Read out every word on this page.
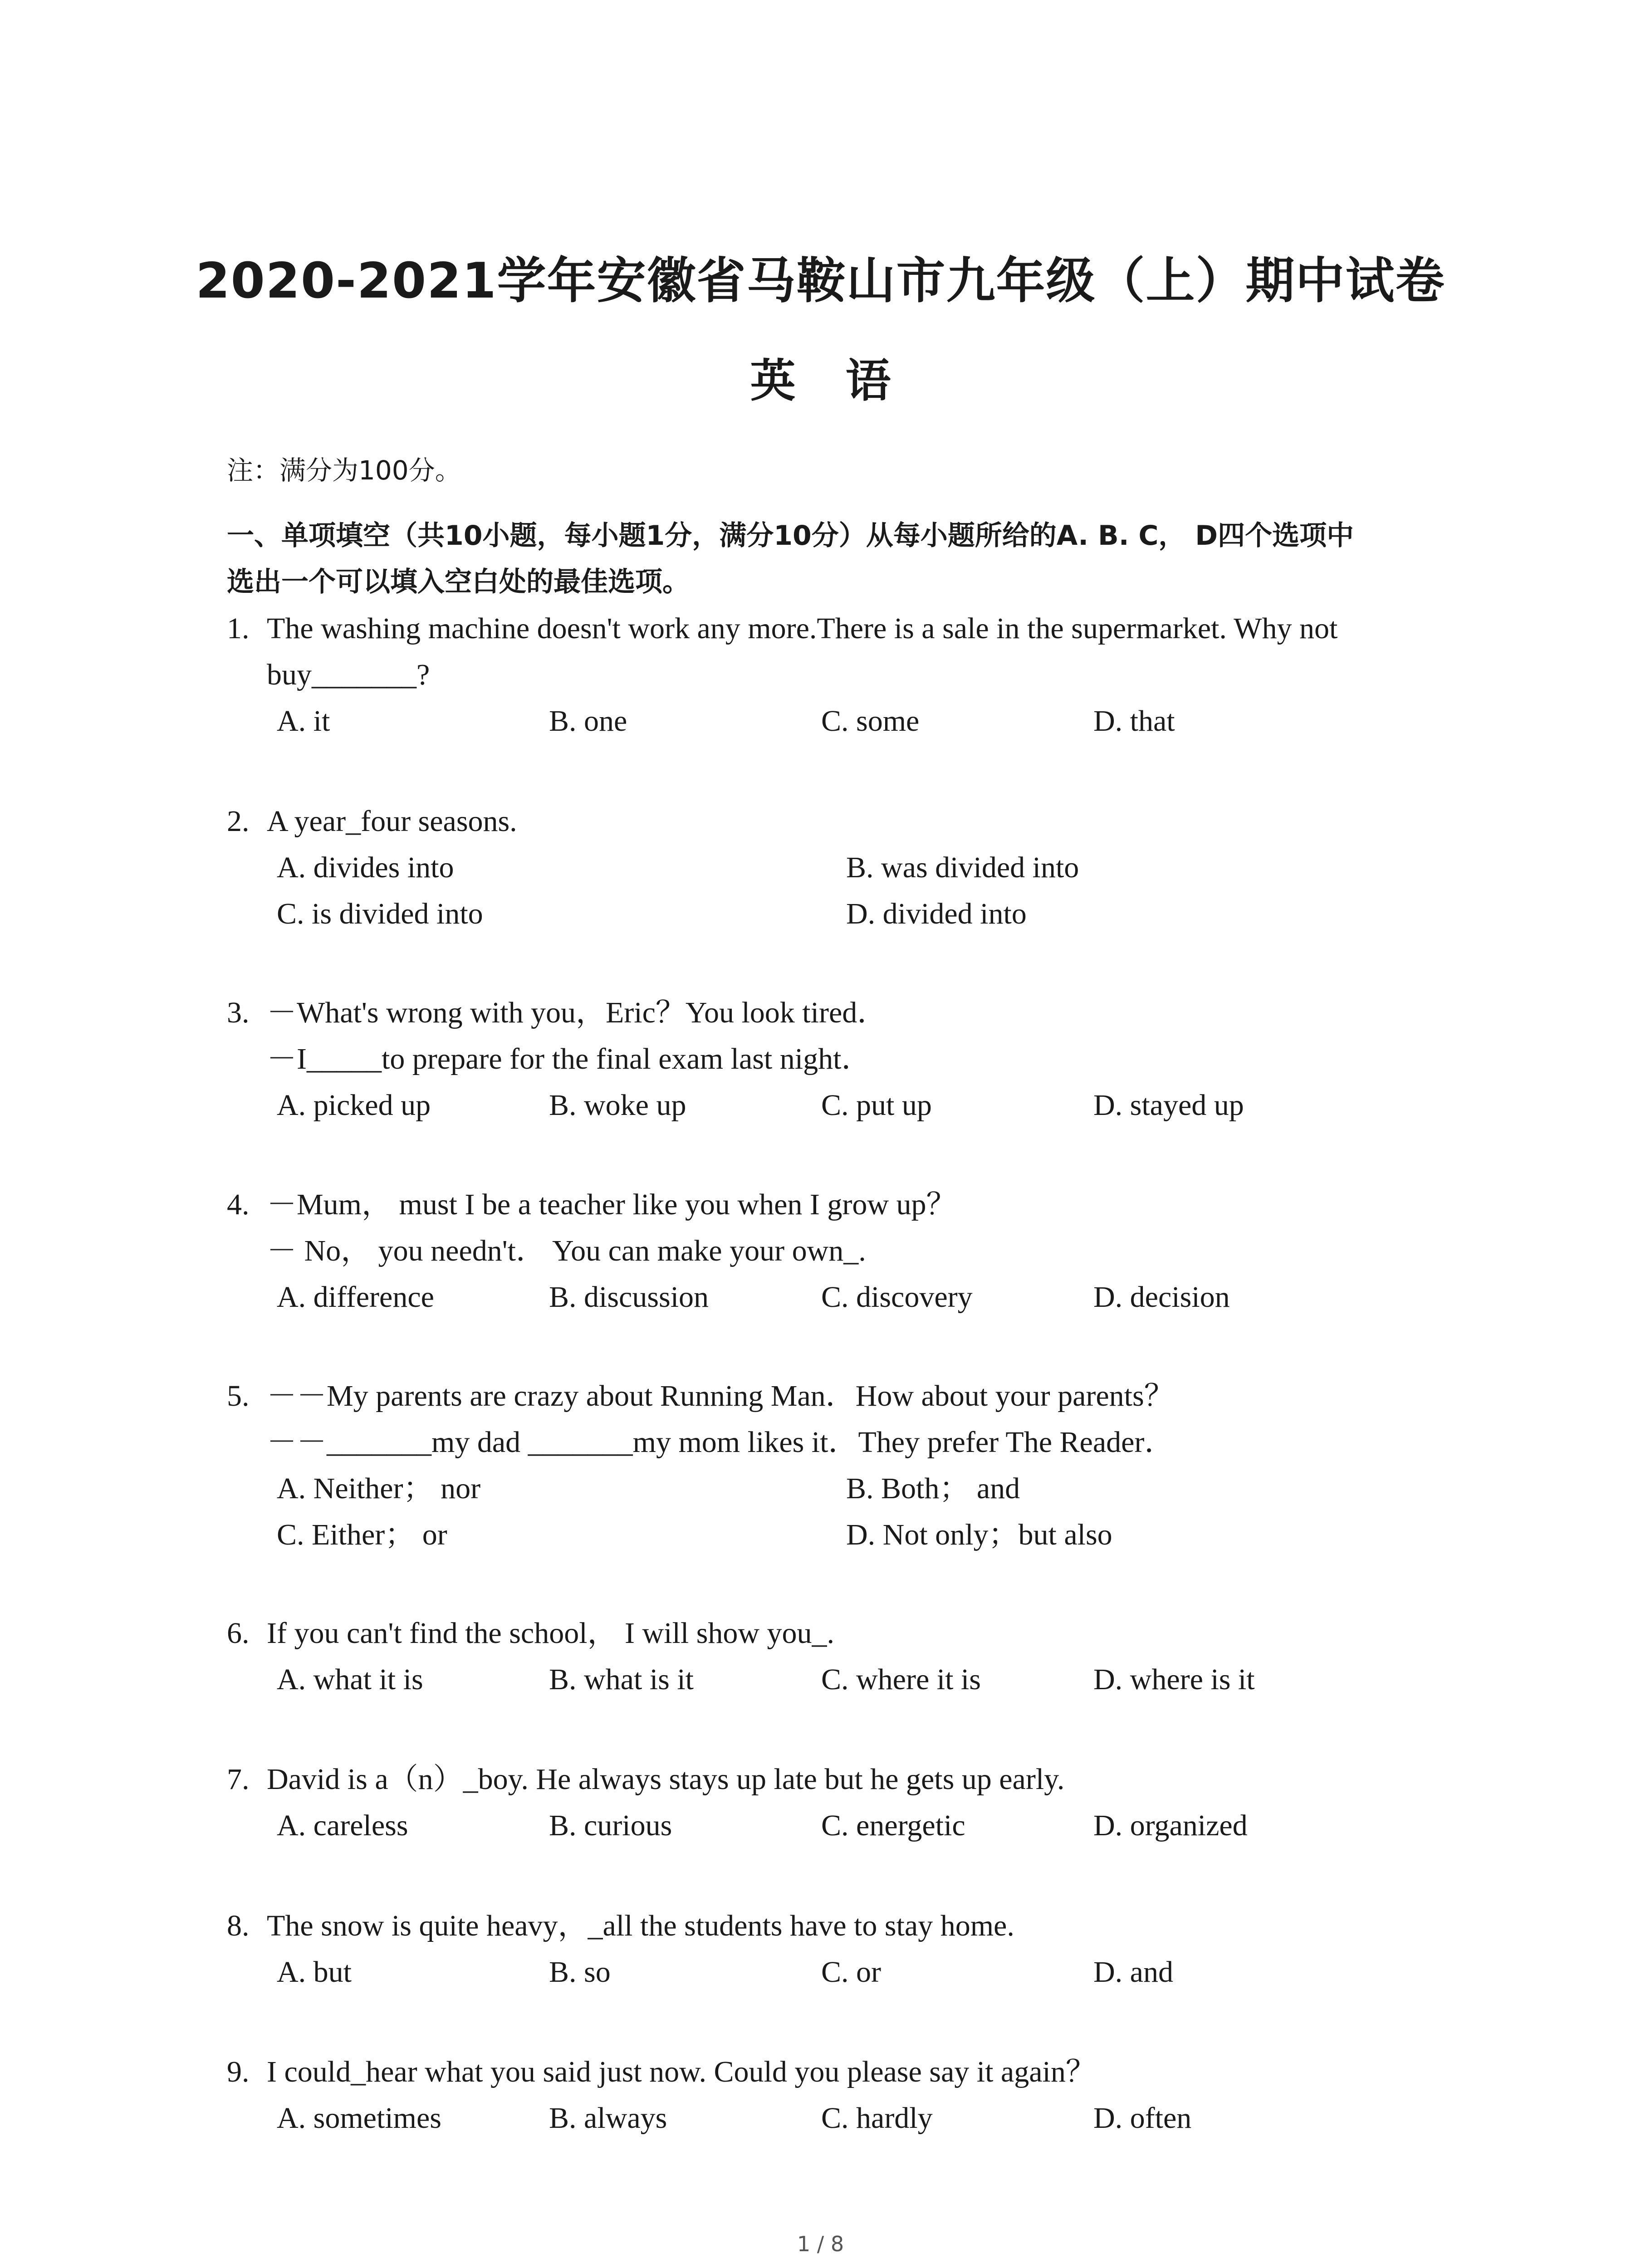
2020-2021学年安徽省马鞍山市九年级（上）期中试卷
英语
注：满分为100分。
一、单项填空（共10小题，每小题1分，满分10分）从每小题所给的A. B. C， D四个选项中
选出一个可以填入空白处的最佳选项。
1. The washing machine doesn't work any more.There is a sale in the supermarket. Why not
buy_______?
A. it	B. one	C. some	D. that
2. A year_four seasons.
A. divides into	B. was divided into
C. is divided into	D. divided into
3. －What's wrong with you，Eric？You look tired．
－I_____to prepare for the final exam last night．
A. picked up	B. woke up	C. put up	D. stayed up
4. －Mum， must I be a teacher like you when I grow up？
－ No， you needn't． You can make your own_.
A. difference	B. discussion	C. discovery	D. decision
5. －－My parents are crazy about Running Man．How about your parents？
－－_______my dad _______my mom likes it．They prefer The Reader．
A. Neither； nor	B. Both； and
C. Either； or	D. Not only；but also
6. If you can't find the school， I will show you_.
A. what it is	B. what is it	C. where it is	D. where is it
7. David is a（n）_boy. He always stays up late but he gets up early.
A. careless	B. curious	C. energetic	D. organized
8. The snow is quite heavy，_all the students have to stay home.
A. but	B. so	C. or	D. and
9. I could_hear what you said just now. Could you please say it again？
A. sometimes	B. always	C. hardly	D. often
1 / 8
